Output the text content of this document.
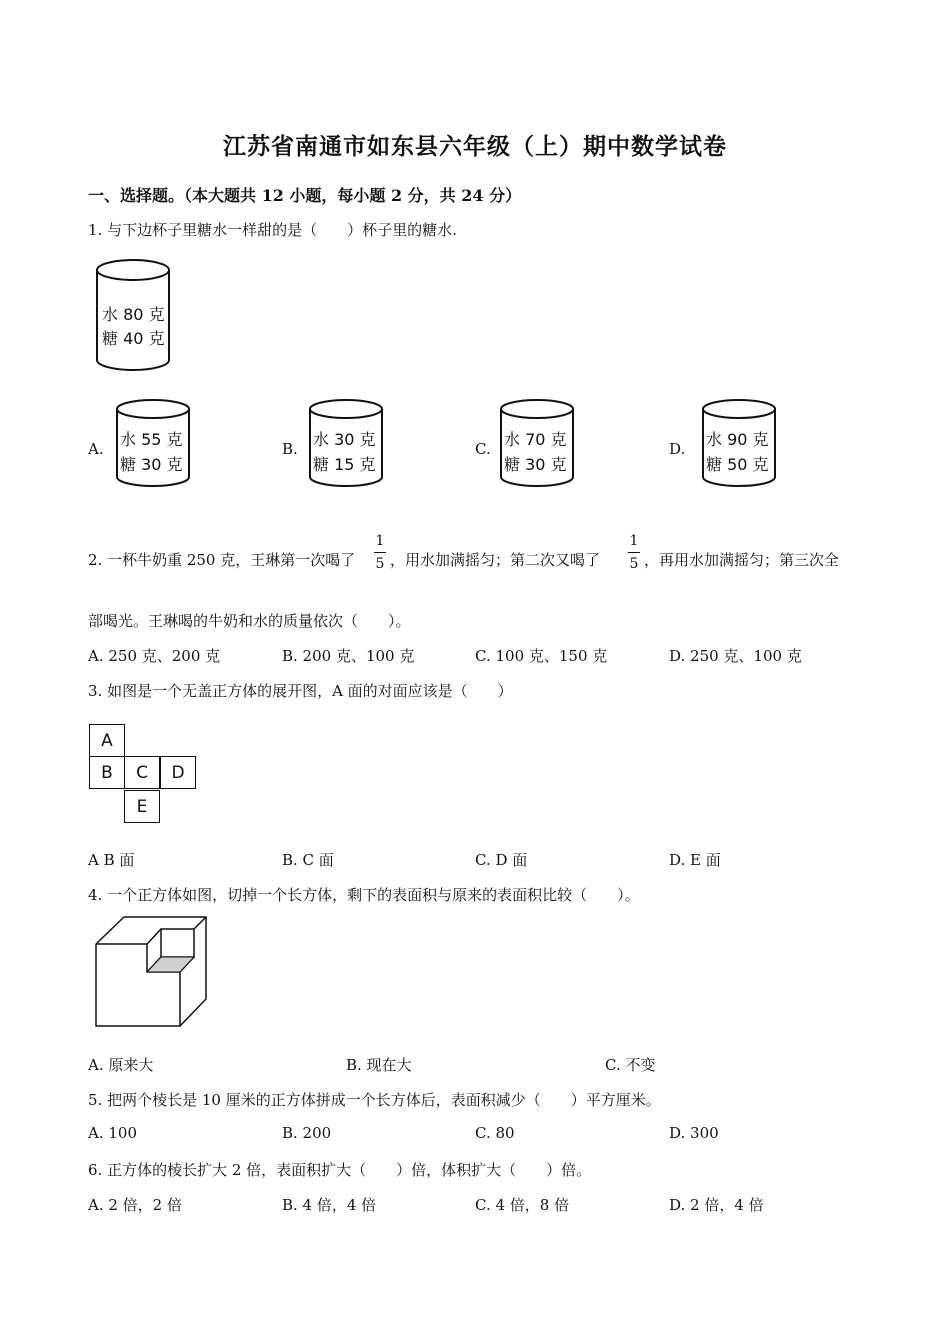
江苏省南通市如东县六年级（上）期中数学试卷
一、选择题。（本大题共 12 小题，每小题 2 分，共 24 分）
1. 与下边杯子里糖水一样甜的是（　　）杯子里的糖水.
水 80 克
糖 40 克
A. 水 55 克
糖 30 克
B. 水 30 克
糖 15 克
C. 水 70 克
糖 30 克
D. 水 90 克
糖 50 克
2. 一杯牛奶重 250 克，王琳第一次喝了
1
5 ，用水加满摇匀；第二次又喝了
1
5 ，再用水加满摇匀；第三次全
部喝光。王琳喝的牛奶和水的质量依次（　　）。
A. 250 克、200 克	B. 200 克、100 克	C. 100 克、150 克	D. 250 克、100 克
3. 如图是一个无盖正方体的展开图，A 面的对面应该是（　　）
A
B	C	D
E
A B 面	B. C 面	C. D 面	D. E 面
4. 一个正方体如图，切掉一个长方体，剩下的表面积与原来的表面积比较（　　）。
A. 原来大	B. 现在大	C. 不变
5. 把两个棱长是 10 厘米的正方体拼成一个长方体后，表面积减少（　　）平方厘米。
A. 100	B. 200	C. 80	D. 300
6. 正方体的棱长扩大 2 倍，表面积扩大（　　）倍，体积扩大（　　）倍。
A. 2 倍，2 倍	B. 4 倍，4 倍	C. 4 倍，8 倍	D. 2 倍，4 倍
